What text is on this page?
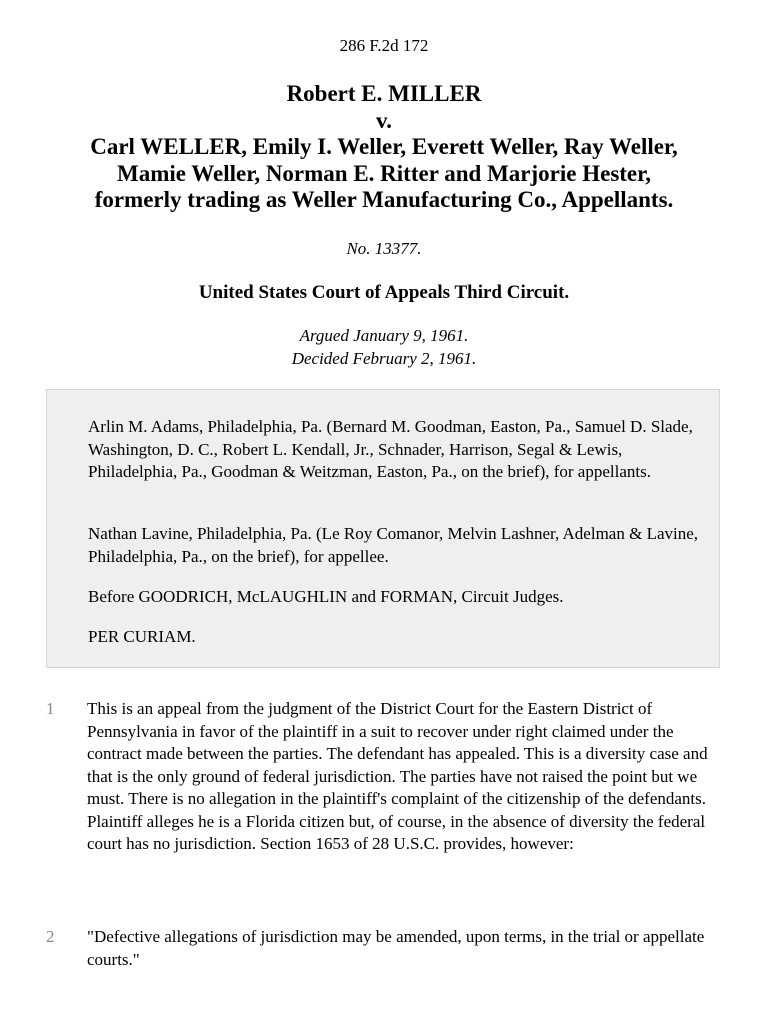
286 F.2d 172
Robert E. MILLER
v.
Carl WELLER, Emily I. Weller, Everett Weller, Ray Weller,
Mamie Weller, Norman E. Ritter and Marjorie Hester,
formerly trading as Weller Manufacturing Co., Appellants.
No. 13377.
United States Court of Appeals Third Circuit.
Argued January 9, 1961.
Decided February 2, 1961.

Arlin M. Adams, Philadelphia, Pa. (Bernard M. Goodman, Easton, Pa., Samuel D. Slade, Washington, D. C., Robert L. Kendall, Jr., Schnader, Harrison, Segal & Lewis, Philadelphia, Pa., Goodman & Weitzman, Easton, Pa., on the brief), for appellants.

Nathan Lavine, Philadelphia, Pa. (Le Roy Comanor, Melvin Lashner, Adelman & Lavine, Philadelphia, Pa., on the brief), for appellee.

Before GOODRICH, McLAUGHLIN and FORMAN, Circuit Judges.

PER CURIAM.

1 This is an appeal from the judgment of the District Court for the Eastern District of Pennsylvania in favor of the plaintiff in a suit to recover under right claimed under the contract made between the parties. The defendant has appealed. This is a diversity case and that is the only ground of federal jurisdiction. The parties have not raised the point but we must. There is no allegation in the plaintiff's complaint of the citizenship of the defendants. Plaintiff alleges he is a Florida citizen but, of course, in the absence of diversity the federal court has no jurisdiction. Section 1653 of 28 U.S.C. provides, however:
2 "Defective allegations of jurisdiction may be amended, upon terms, in the trial or appellate courts."
